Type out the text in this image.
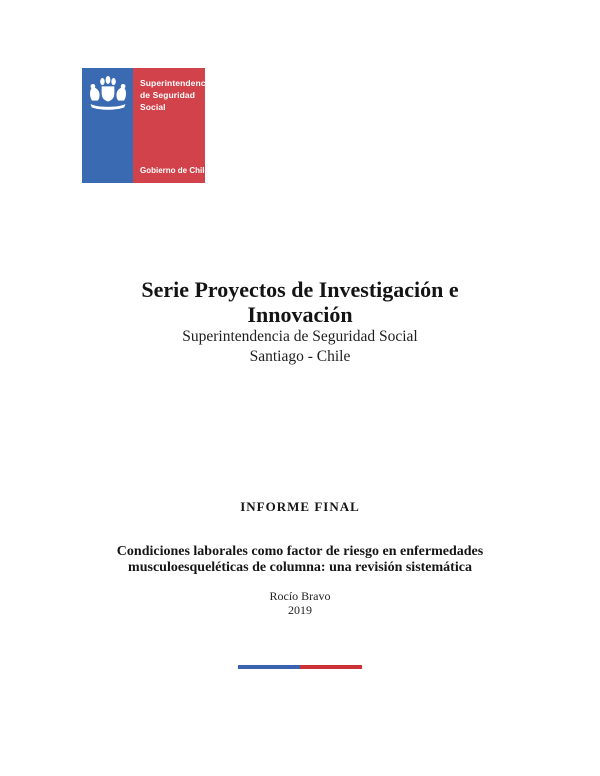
Superintendencia
de Seguridad
Social
Gobierno de Chile
Serie Proyectos de Investigación e
Innovación
Superintendencia de Seguridad Social
Santiago - Chile
INFORME FINAL
Condiciones laborales como factor de riesgo en enfermedades
musculoesqueléticas de columna: una revisión sistemática
Rocío Bravo
2019
